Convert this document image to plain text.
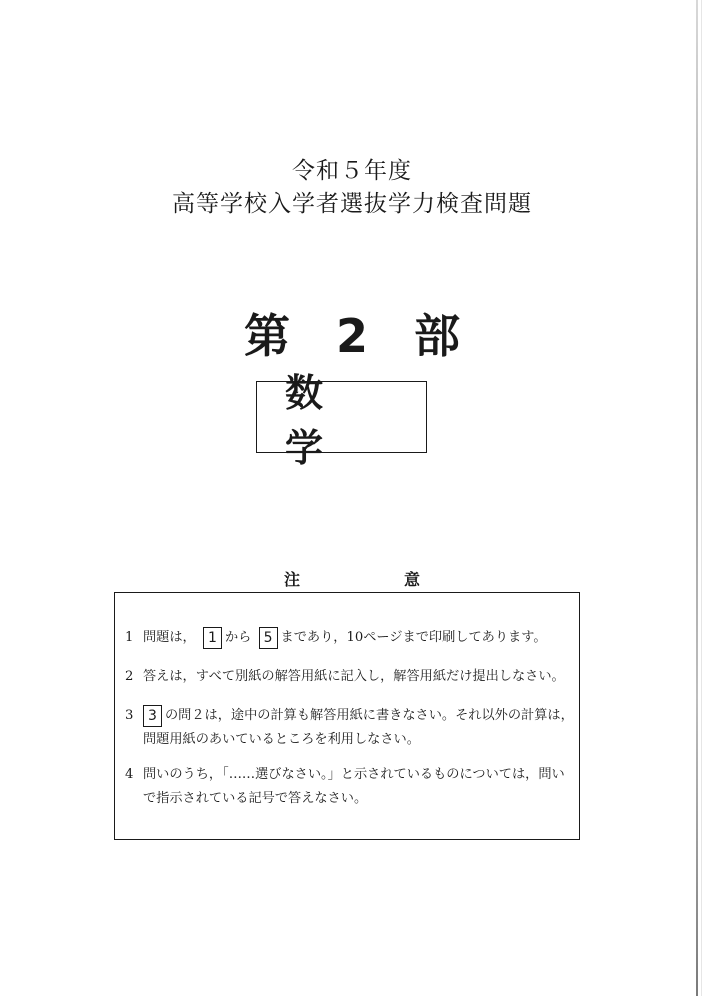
令和５年度
高等学校入学者選抜学力検査問題
第　2　部
数　学
注　意
1 問題は， 1 から 5 まであり，10ページまで印刷してあります。
2 答えは，すべて別紙の解答用紙に記入し，解答用紙だけ提出しなさい。
3 3 の問２は，途中の計算も解答用紙に書きなさい。それ以外の計算は，
問題用紙のあいているところを利用しなさい。
4 問いのうち，「……選びなさい。」と示されているものについては，問い
で指示されている記号で答えなさい。
